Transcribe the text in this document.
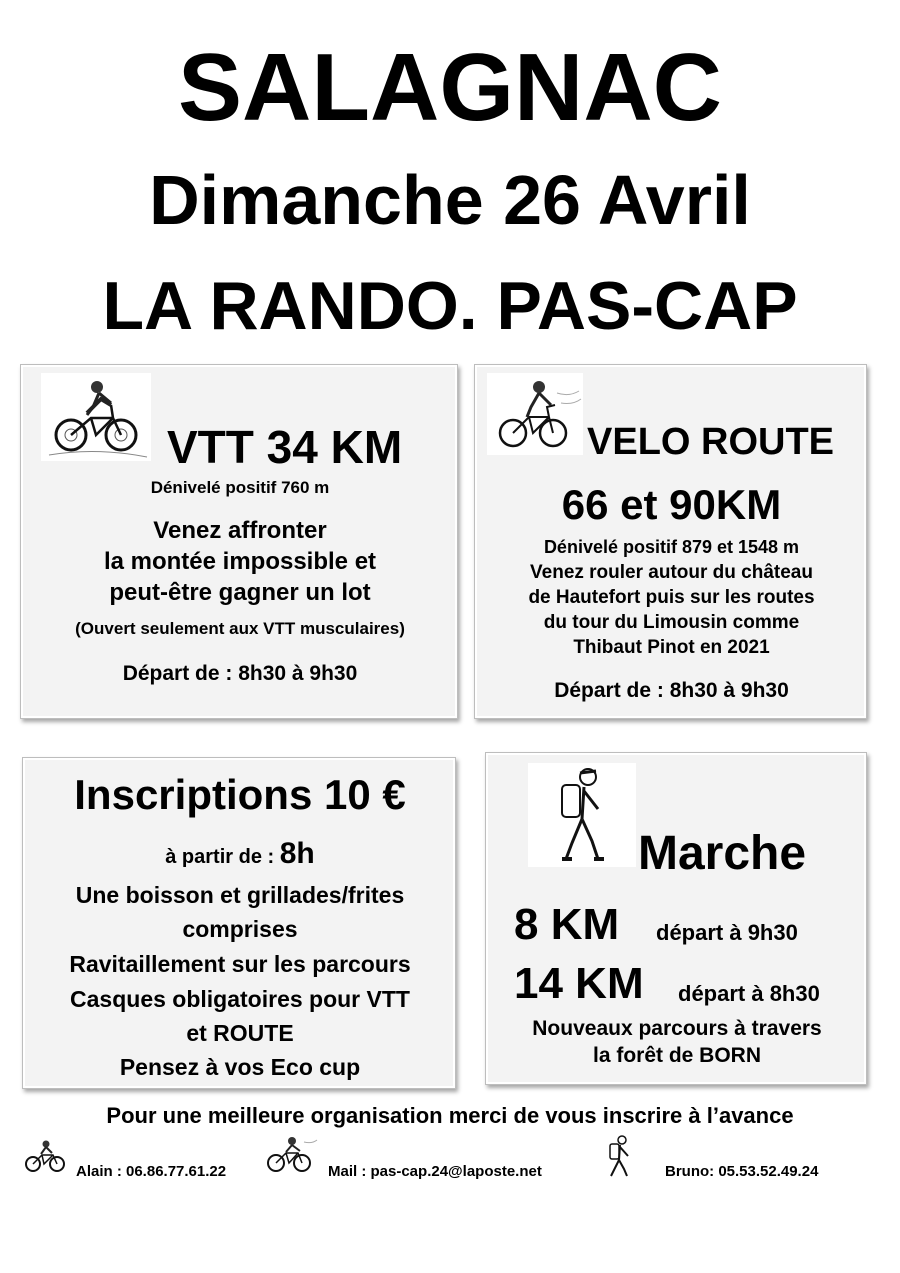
SALAGNAC
Dimanche 26 Avril
LA RANDO. PAS-CAP
VTT 34 KM
Dénivelé positif 760 m
Venez affronter
la montée impossible et
peut-être gagner un lot
(Ouvert seulement aux VTT musculaires)
Départ de : 8h30 à 9h30
VELO ROUTE
66 et 90KM
Dénivelé positif 879 et 1548 m
Venez rouler autour du château
de Hautefort puis sur les routes
du tour du Limousin comme
Thibaut Pinot en 2021
Départ de : 8h30 à 9h30
Inscriptions 10 €
à partir de : 8h
Une boisson et grillades/frites
comprises
Ravitaillement sur les parcours
Casques obligatoires pour VTT
et ROUTE
Pensez à vos Eco cup
Marche
8 KM départ à 9h30
14 KM départ à 8h30
Nouveaux parcours à travers
la forêt de BORN
Pour une meilleure organisation merci de vous inscrire à l’avance
Alain : 06.86.77.61.22	Mail : pas-cap.24@laposte.net	Bruno: 05.53.52.49.24
